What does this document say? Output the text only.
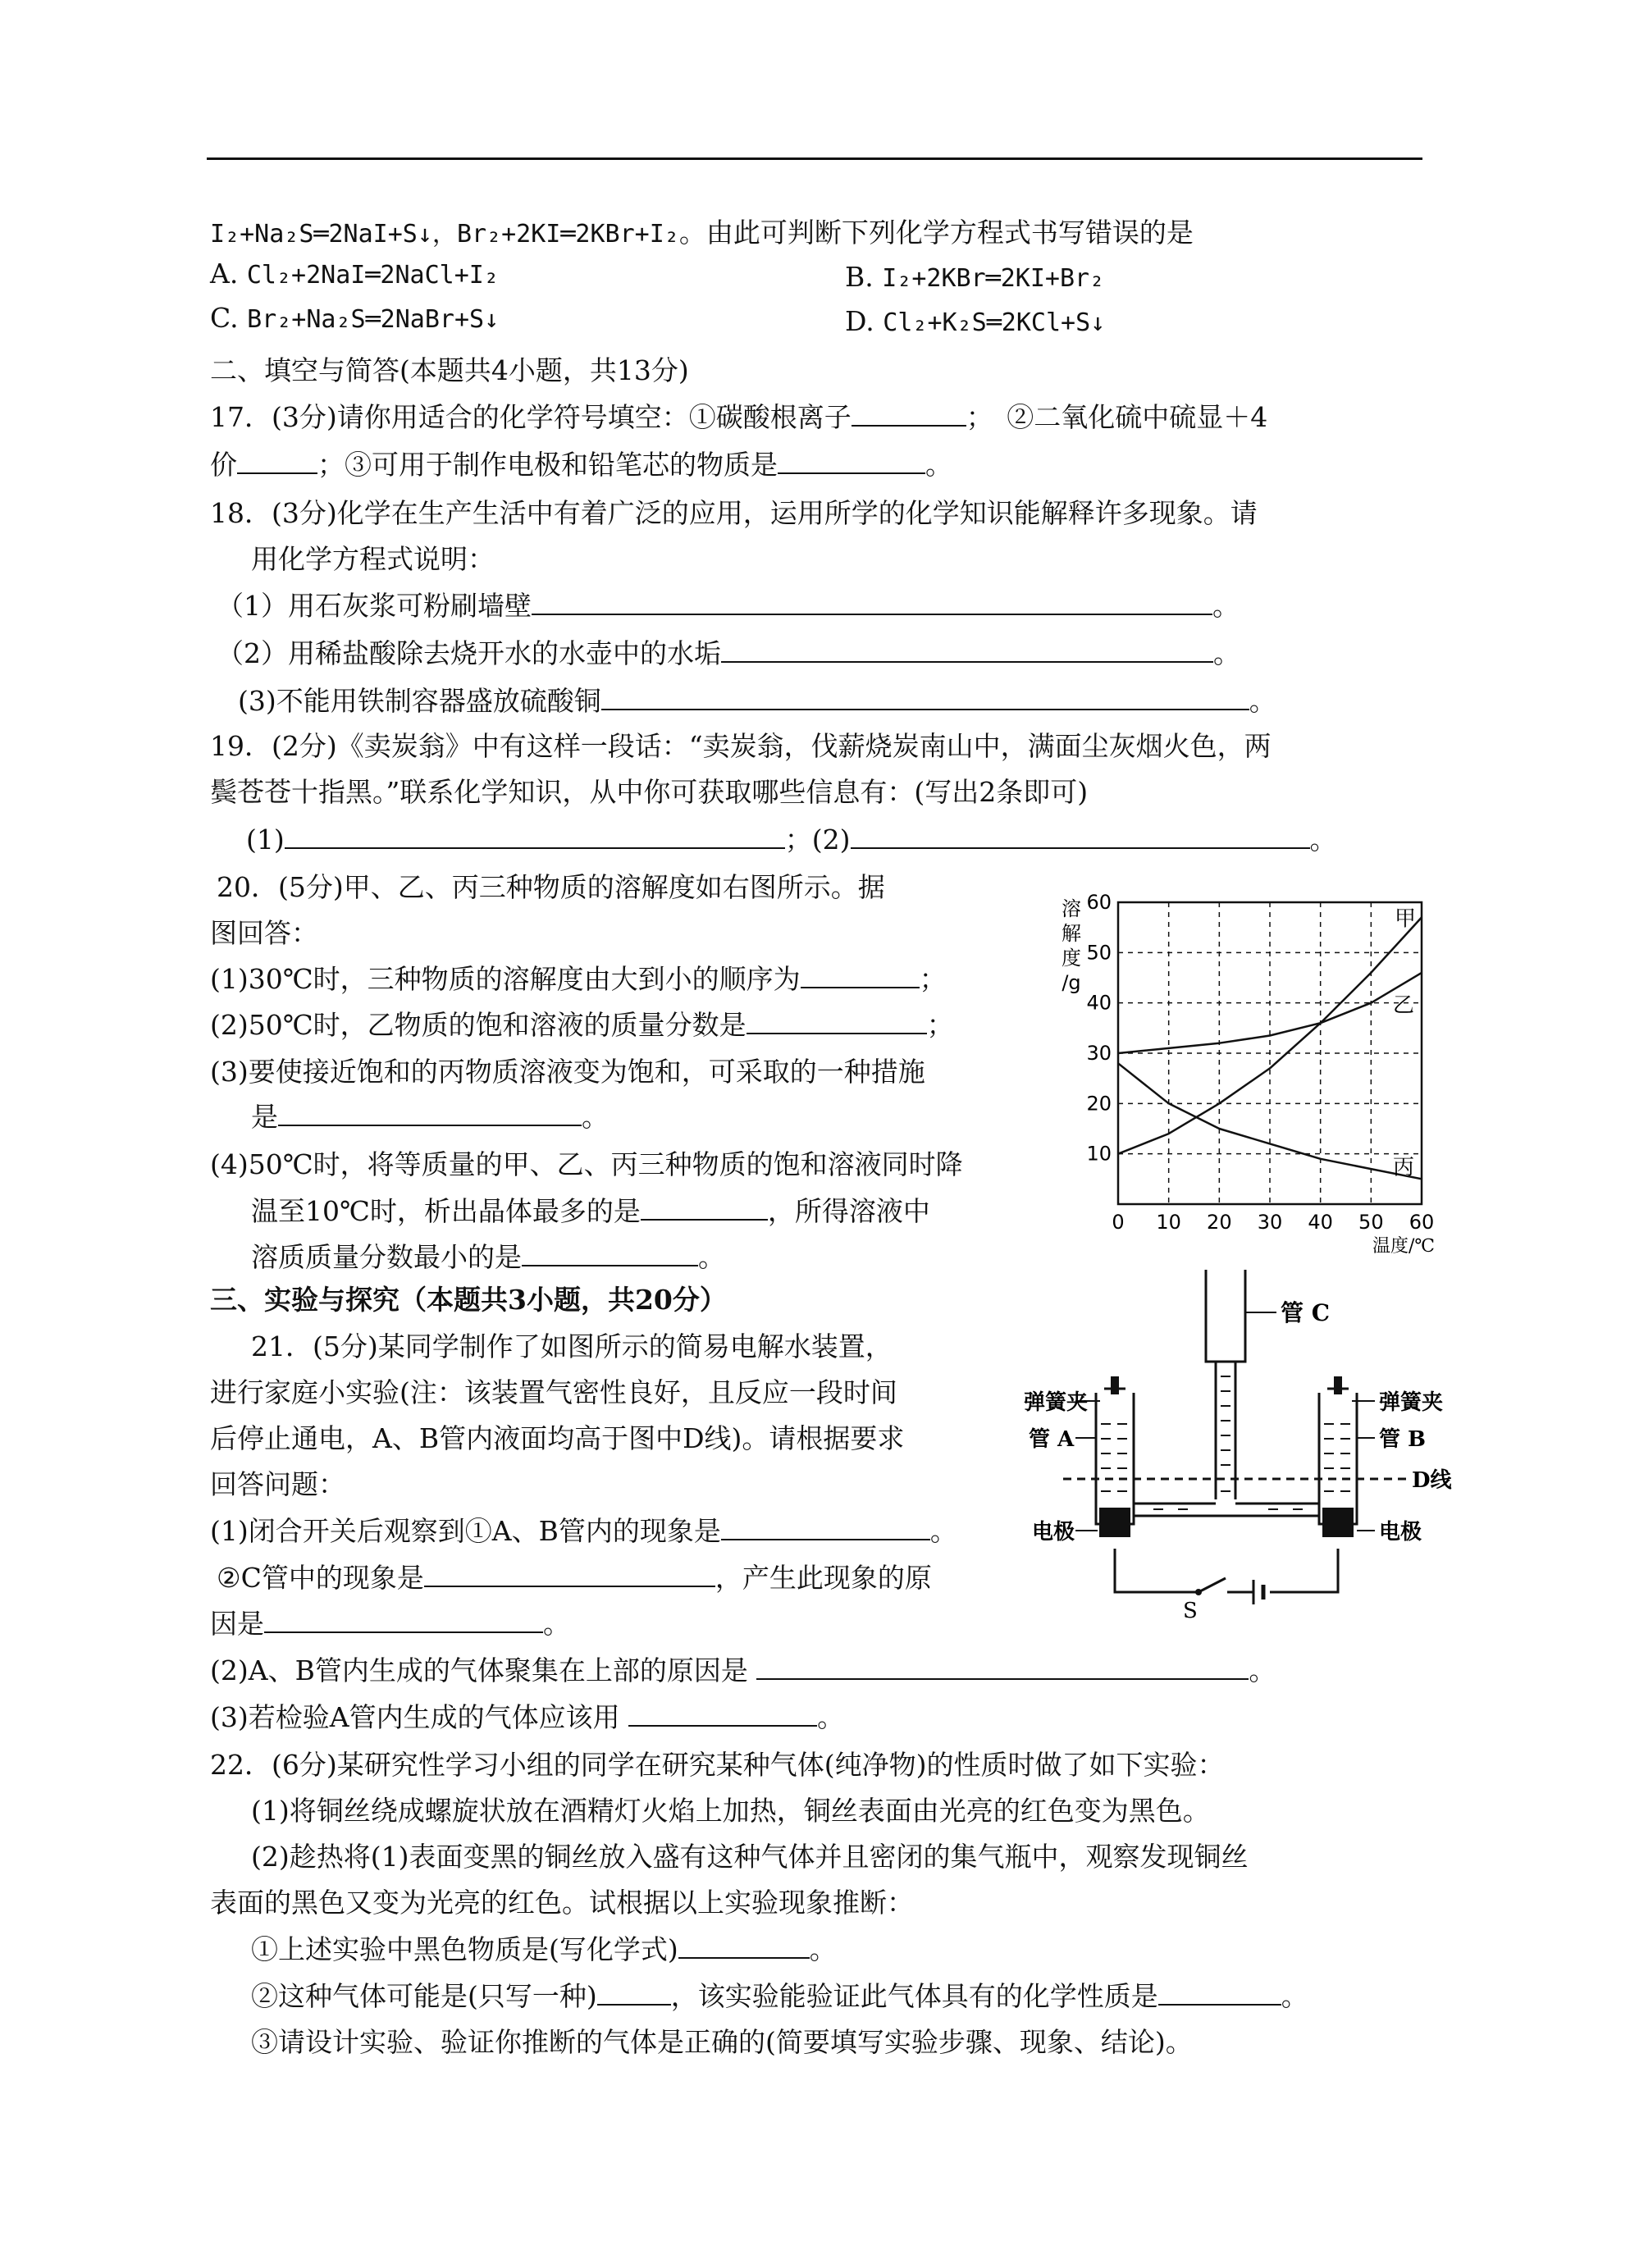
I₂+Na₂S═2NaI+S↓，Br₂+2KI═2KBr+I₂。由此可判断下列化学方程式书写错误的是
A. Cl₂+2NaI═2NaCl+I₂	B. I₂+2KBr═2KI+Br₂
C. Br₂+Na₂S═2NaBr+S↓	D. Cl₂+K₂S═2KCl+S↓
二、填空与简答(本题共4小题，共13分)
17．(3分)请你用适合的化学符号填空：①碳酸根离子	；　②二氧化硫中硫显＋4
价	；③可用于制作电极和铅笔芯的物质是	。
18．(3分)化学在生产生活中有着广泛的应用，运用所学的化学知识能解释许多现象。请
用化学方程式说明：
（1）用石灰浆可粉刷墙壁	。
（2）用稀盐酸除去烧开水的水壶中的水垢	。
(3)不能用铁制容器盛放硫酸铜	。
19．(2分)《卖炭翁》中有这样一段话：“卖炭翁，伐薪烧炭南山中，满面尘灰烟火色，两
鬓苍苍十指黑。”联系化学知识，从中你可获取哪些信息有：(写出2条即可)
(1)	；(2)	。
20．(5分)甲、乙、丙三种物质的溶解度如右图所示。据
图回答：
(1)30℃时，三种物质的溶解度由大到小的顺序为	；
(2)50℃时，乙物质的饱和溶液的质量分数是	；
(3)要使接近饱和的丙物质溶液变为饱和，可采取的一种措施
是	。
(4)50℃时，将等质量的甲、乙、丙三种物质的饱和溶液同时降
温至10℃时，析出晶体最多的是	，所得溶液中
溶质质量分数最小的是	。
0 10 20 30 40 50 60
10
20
30
40
50
60
溶
解
度
/g
温度/℃
甲
乙
丙
三、实验与探究（本题共3小题，共20分）
21．(5分)某同学制作了如图所示的简易电解水装置，
进行家庭小实验(注：该装置气密性良好，且反应一段时间
后停止通电，A、B管内液面均高于图中D线)。请根据要求
回答问题：
(1)闭合开关后观察到①A、B管内的现象是	。
②C管中的现象是	，产生此现象的原
因是	。
(2)A、B管内生成的气体聚集在上部的原因是	。
(3)若检验A管内生成的气体应该用	。
管 C
弹簧夹	弹簧夹
管 A	管 B
D线
电极	电极
S
22．(6分)某研究性学习小组的同学在研究某种气体(纯净物)的性质时做了如下实验：
(1)将铜丝绕成螺旋状放在酒精灯火焰上加热，铜丝表面由光亮的红色变为黑色。
(2)趁热将(1)表面变黑的铜丝放入盛有这种气体并且密闭的集气瓶中，观察发现铜丝
表面的黑色又变为光亮的红色。试根据以上实验现象推断：
①上述实验中黑色物质是(写化学式)	。
②这种气体可能是(只写一种)	，该实验能验证此气体具有的化学性质是	。
③请设计实验、验证你推断的气体是正确的(简要填写实验步骤、现象、结论)。
